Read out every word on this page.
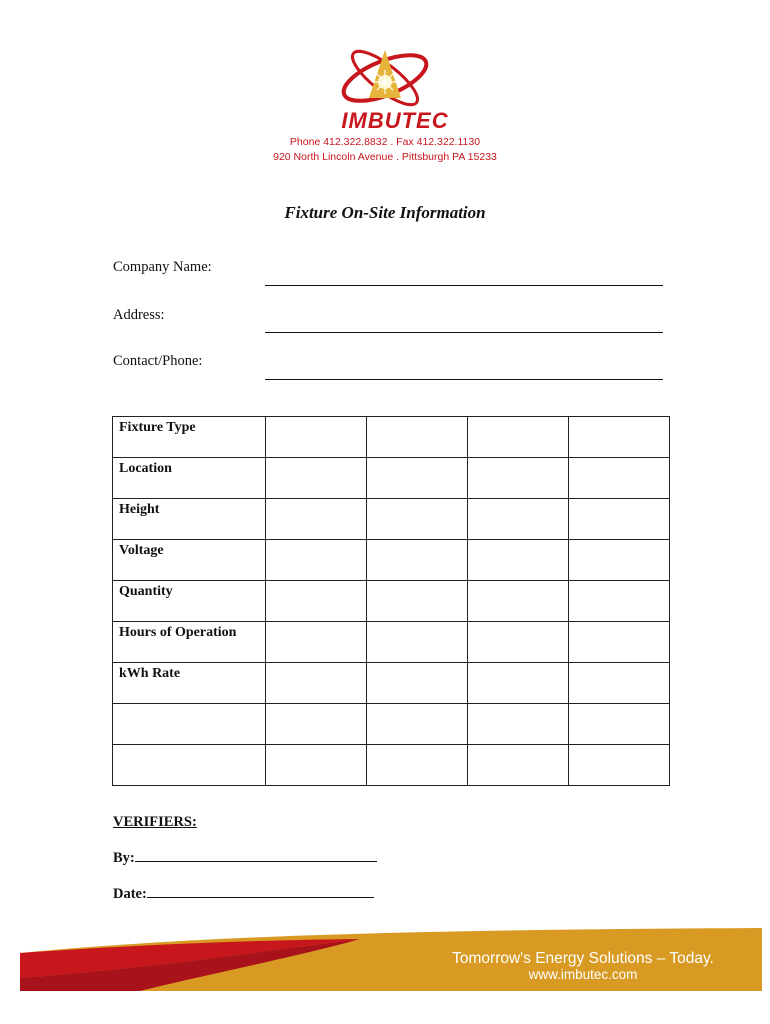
IMBUTEC
Phone 412.322.8832 . Fax 412.322.1130
920 North Lincoln Avenue . Pittsburgh PA 15233
Fixture On-Site Information
Company Name:
Address:
Contact/Phone:
Fixture Type				
Location				
Height				
Voltage				
Quantity				
Hours of Operation				
kWh Rate				

VERIFIERS:
By:
Date:
Tomorrow's Energy Solutions – Today.
www.imbutec.com
